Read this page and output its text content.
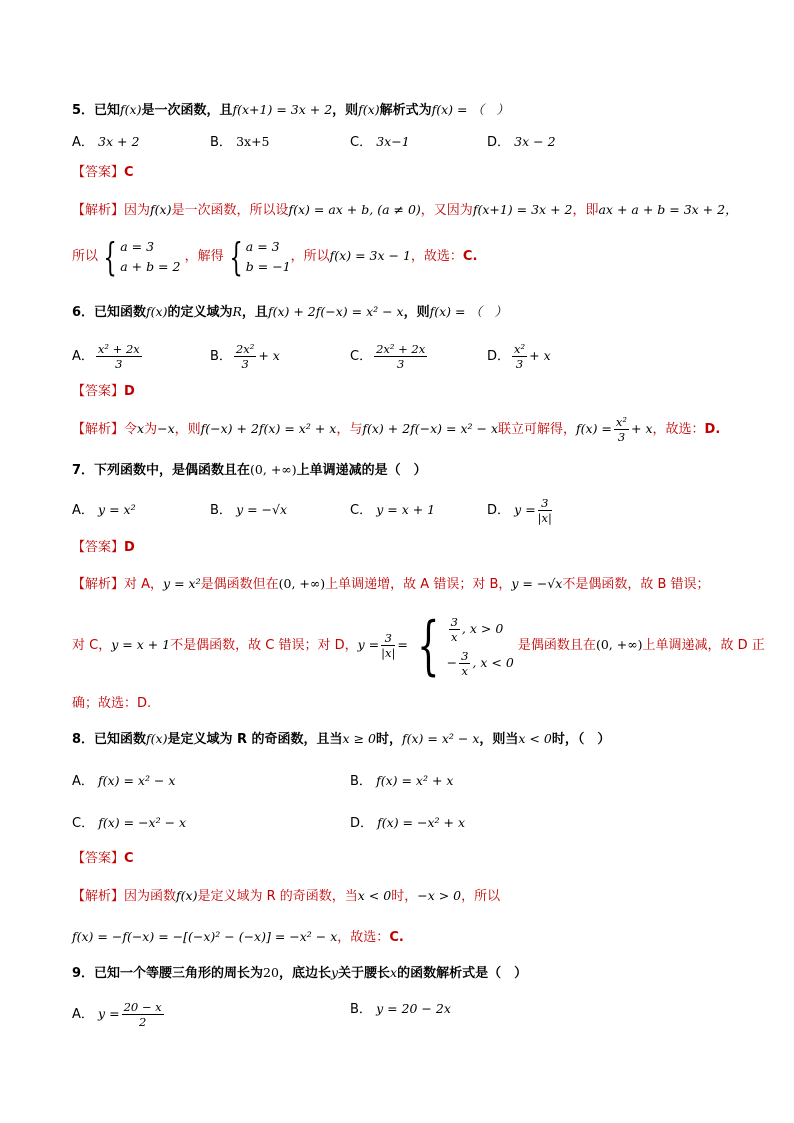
5．已知f(x)是一次函数，且f(x+1) = 3x + 2，则f(x)解析式为f(x) = （　）
A． 3x + 2	B． 3x+5	C． 3x−1	D． 3x − 2
【答案】C
【解析】因为f(x)是一次函数，所以设f(x) = ax + b, (a ≠ 0)，又因为f(x+1) = 3x + 2，即ax + a + b = 3x + 2，
所以 { a = 3
a + b = 2 ，解得 { a = 3
b = −1，所以f(x) = 3x − 1，故选：C.
6．已知函数f(x)的定义域为R，且f(x) + 2f(−x) = x² − x，则f(x) = （　）
A． $\frac{\text{x² + 2x}}{3}$	B． $\frac{\text{2x²}}{3} + x$	C． $\frac{\text{2x² + 2x}}{3}$	D． $\frac{\text{x²}}{3} + x$
【答案】D
【解析】令x为−x，则f(−x) + 2f(x) = x² + x，与f(x) + 2f(−x) = x² − x联立可解得，$f(x) = \frac{\text{x²}}{3} + x$，故选：D.
7．下列函数中，是偶函数且在(0, +∞)上单调递减的是（　）
A． y = x²	B． y = −√x	C． y = x + 1	D． $y = \frac{3}{|x|}$
【答案】D
【解析】对 A，y = x²是偶函数但在(0, +∞)上单调递增，故 A 错误；对 B，y = −√x不是偶函数，故 B 错误；
对 C，y = x + 1不是偶函数，故 C 错误；对 D，$y = \frac{3}{|x|}$ = { $\frac{3}{x}$ , x > 0
− $\frac{3}{x}$ , x < 0 是偶函数且在(0, +∞)上单调递减，故 D 正
确；故选：D.
8．已知函数f(x)是定义域为 R 的奇函数，且当x ≥ 0时，f(x) = x² − x，则当x < 0时，（　）
A． f(x) = x² − x	B． f(x) = x² + x
C． f(x) = −x² − x	D． f(x) = −x² + x
【答案】C
【解析】因为函数f(x)是定义域为 R 的奇函数，当x < 0时，−x > 0，所以
f(x) = −f(−x) = −[(−x)² − (−x)] = −x² − x，故选：C.
9．已知一个等腰三角形的周长为20，底边长y关于腰长x的函数解析式是（　）
A． $y = \frac{20 - x}{2}$	B． y = 20 − 2x
